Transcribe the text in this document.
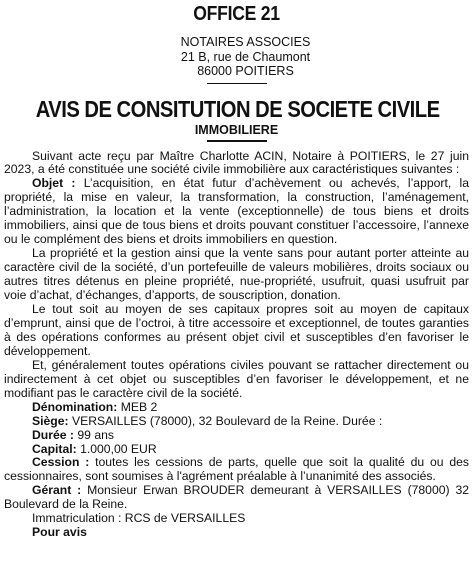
OFFICE 21
NOTAIRES ASSOCIES
21 B, rue de Chaumont
86000 POITIERS
AVIS DE CONSITUTION DE SOCIETE CIVILE
IMMOBILIERE

Suivant acte reçu par Maître Charlotte ACIN, Notaire à POITIERS, le 27 juin 2023, a été constituée une société civile immobilière aux caractéristiques suivantes :

Objet : L’acquisition, en état futur d’achèvement ou achevés, l’apport, la propriété, la mise en valeur, la transformation, la construction, l’aménagement, l’administration, la location et la vente (exceptionnelle) de tous biens et droits immobiliers, ainsi que de tous biens et droits pouvant constituer l’accessoire, l’annexe ou le complément des biens et droits immobiliers en question.

La propriété et la gestion ainsi que la vente sans pour autant porter atteinte au caractère civil de la société, d’un portefeuille de valeurs mobilières, droits sociaux ou autres titres détenus en pleine propriété, nue-propriété, usufruit, quasi usufruit par voie d’achat, d’échanges, d’apports, de souscription, donation.

Le tout soit au moyen de ses capitaux propres soit au moyen de capitaux d’emprunt, ainsi que de l’octroi, à titre accessoire et exceptionnel, de toutes garanties à des opérations conformes au présent objet civil et susceptibles d’en favoriser le développement.

Et, généralement toutes opérations civiles pouvant se rattacher directement ou indirectement à cet objet ou susceptibles d’en favoriser le développement, et ne modifiant pas le caractère civil de la société.

Dénomination: MEB 2

Siège: VERSAILLES (78000), 32 Boulevard de la Reine. Durée :

Durée : 99 ans

Capital: 1.000,00 EUR

Cession : toutes les cessions de parts, quelle que soit la qualité du ou des cessionnaires, sont soumises à l'agrément préalable à l’unanimité des associés.

Gérant : Monsieur Erwan BROUDER demeurant à VERSAILLES (78000) 32 Boulevard de la Reine.

Immatriculation : RCS de VERSAILLES

Pour avis
